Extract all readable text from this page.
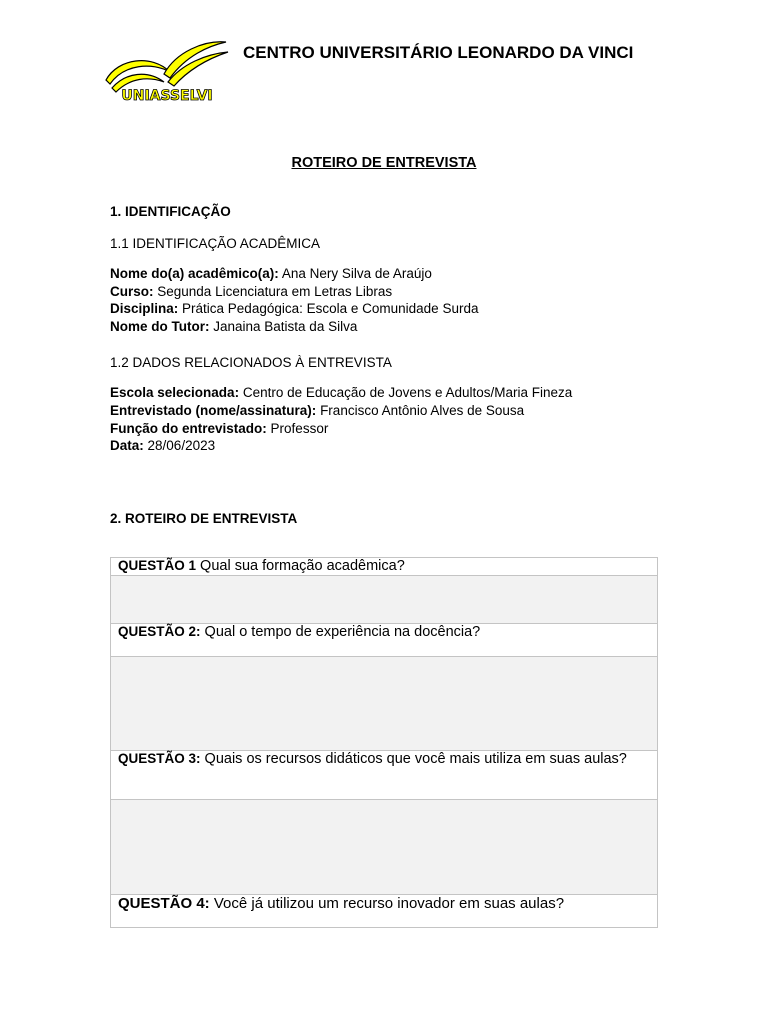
UNIASSELVI
CENTRO UNIVERSITÁRIO LEONARDO DA VINCI
ROTEIRO DE ENTREVISTA
1. IDENTIFICAÇÃO
1.1 IDENTIFICAÇÃO ACADÊMICA
Nome do(a) acadêmico(a): Ana Nery Silva de Araújo
Curso: Segunda Licenciatura em Letras Libras
Disciplina: Prática Pedagógica: Escola e Comunidade Surda
Nome do Tutor: Janaina Batista da Silva
1.2 DADOS RELACIONADOS À ENTREVISTA
Escola selecionada: Centro de Educação de Jovens e Adultos/Maria Fineza
Entrevistado (nome/assinatura): Francisco Antônio Alves de Sousa
Função do entrevistado: Professor
Data: 28/06/2023
2. ROTEIRO DE ENTREVISTA
QUESTÃO 1 Qual sua formação acadêmica?

QUESTÃO 2: Qual o tempo de experiência na docência?

QUESTÃO 3: Quais os recursos didáticos que você mais utiliza em suas aulas?

QUESTÃO 4: Você já utilizou um recurso inovador em suas aulas?
